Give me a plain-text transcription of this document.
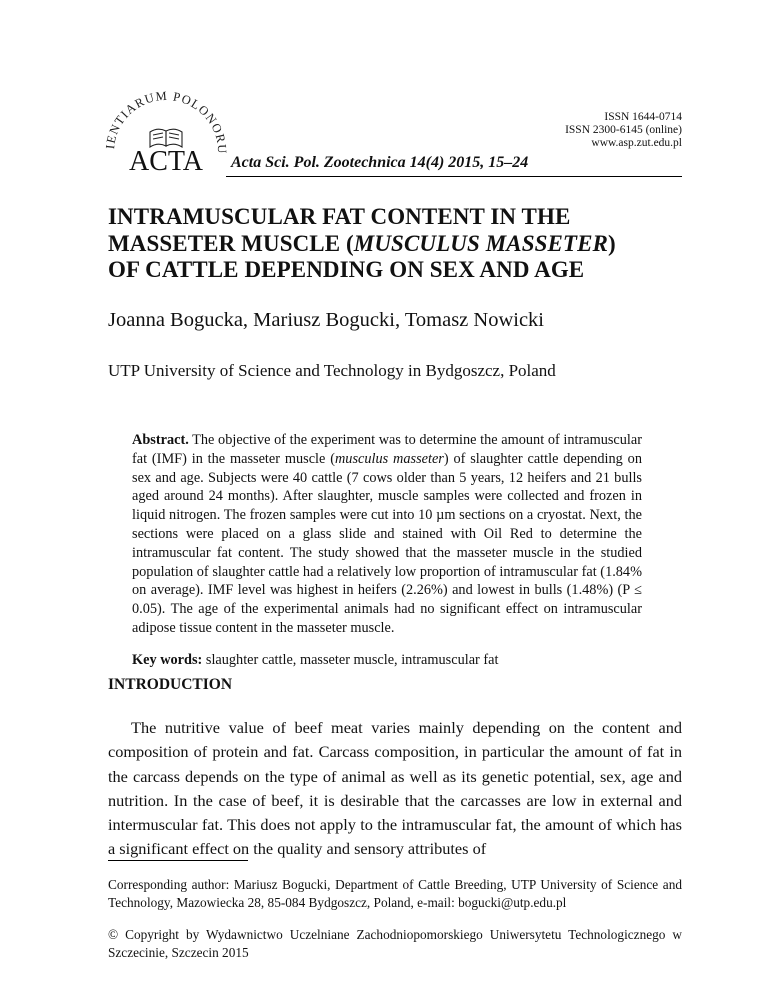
IENTIARUM POLONORU
ACTA
ISSN 1644-0714
ISSN 2300-6145 (online)
www.asp.zut.edu.pl
Acta Sci. Pol. Zootechnica 14(4) 2015, 15–24
INTRAMUSCULAR FAT CONTENT IN THE
MASSETER MUSCLE (MUSCULUS MASSETER)
OF CATTLE DEPENDING ON SEX AND AGE
Joanna Bogucka, Mariusz Bogucki, Tomasz Nowicki
UTP University of Science and Technology in Bydgoszcz, Poland

Abstract. The objective of the experiment was to determine the amount of intramuscular fat (IMF) in the masseter muscle (musculus masseter) of slaughter cattle depending on sex and age. Subjects were 40 cattle (7 cows older than 5 years, 12 heifers and 21 bulls aged around 24 months). After slaughter, muscle samples were collected and frozen in liquid nitrogen. The frozen samples were cut into 10 µm sections on a cryostat. Next, the sections were placed on a glass slide and stained with Oil Red to determine the intramuscular fat content. The study showed that the masseter muscle in the studied population of slaughter cattle had a relatively low proportion of intramuscular fat (1.84% on average). IMF level was highest in heifers (2.26%) and lowest in bulls (1.48%) (P ≤ 0.05). The age of the experimental animals had no significant effect on intramuscular adipose tissue content in the masseter muscle.

Key words: slaughter cattle, masseter muscle, intramuscular fat
INTRODUCTION

The nutritive value of beef meat varies mainly depending on the content and composition of protein and fat. Carcass composition, in particular the amount of fat in the carcass depends on the type of animal as well as its genetic potential, sex, age and nutrition. In the case of beef, it is desirable that the carcasses are low in external and intermuscular fat. This does not apply to the intramuscular fat, the amount of which has a significant effect on the quality and sensory attributes of

Corresponding author: Mariusz Bogucki, Department of Cattle Breeding, UTP University of Science and Technology, Mazowiecka 28, 85-084 Bydgoszcz, Poland, e-mail: bogucki@utp.edu.pl

© Copyright by Wydawnictwo Uczelniane Zachodniopomorskiego Uniwersytetu Technologicznego w Szczecinie, Szczecin 2015
